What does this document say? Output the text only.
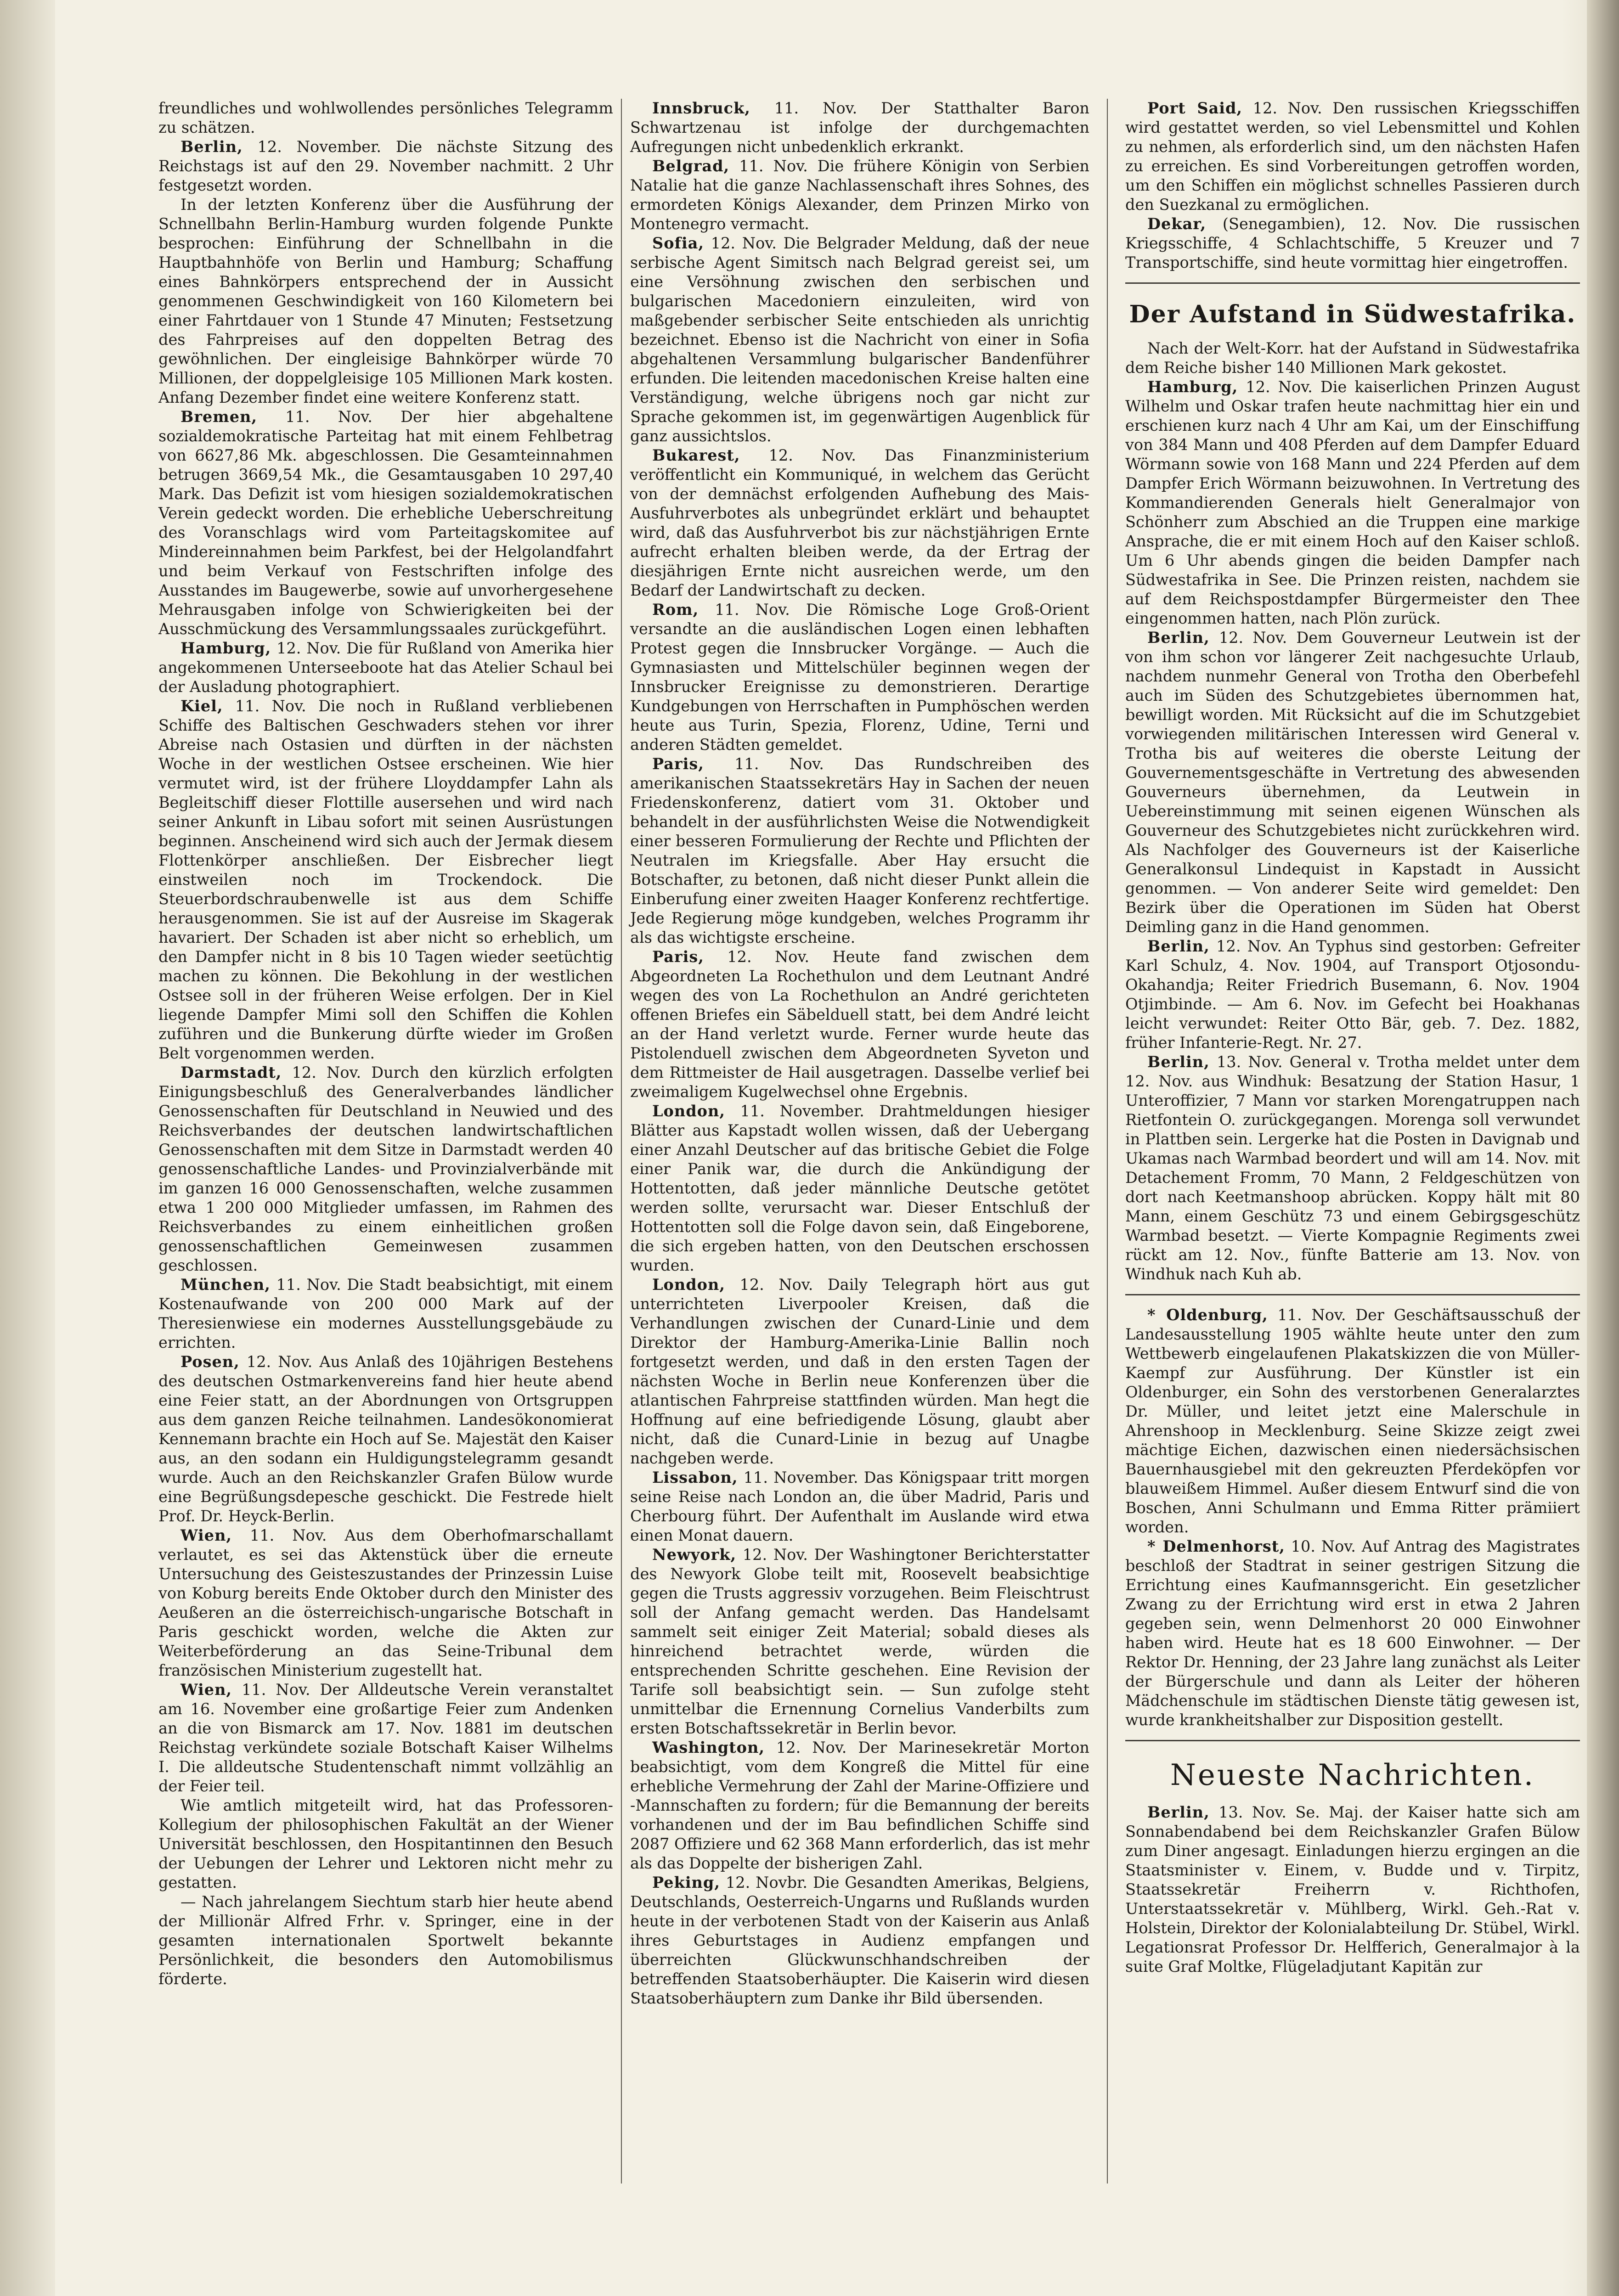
freundliches und wohlwollendes persönliches Telegramm zu schätzen.

Berlin, 12. November. Die nächste Sitzung des Reichstags ist auf den 29. November nachmitt. 2 Uhr festgesetzt worden.

In der letzten Konferenz über die Ausführung der Schnellbahn Berlin-Hamburg wurden folgende Punkte besprochen: Einführung der Schnellbahn in die Hauptbahnhöfe von Berlin und Hamburg; Schaffung eines Bahnkörpers entsprechend der in Aussicht genommenen Geschwindigkeit von 160 Kilometern bei einer Fahrtdauer von 1 Stunde 47 Minuten; Festsetzung des Fahrpreises auf den doppelten Betrag des gewöhnlichen. Der eingleisige Bahnkörper würde 70 Millionen, der doppelgleisige 105 Millionen Mark kosten. Anfang Dezember findet eine weitere Konferenz statt.

Bremen, 11. Nov. Der hier abgehaltene sozialdemokratische Parteitag hat mit einem Fehlbetrag von 6627,86 Mk. abgeschlossen. Die Gesamteinnahmen betrugen 3669,54 Mk., die Gesamtausgaben 10 297,40 Mark. Das Defizit ist vom hiesigen sozialdemokratischen Verein gedeckt worden. Die erhebliche Ueberschreitung des Voranschlags wird vom Parteitagskomitee auf Mindereinnahmen beim Parkfest, bei der Helgolandfahrt und beim Verkauf von Festschriften infolge des Ausstandes im Baugewerbe, sowie auf unvorhergesehene Mehrausgaben infolge von Schwierigkeiten bei der Ausschmückung des Versammlungssaales zurückgeführt.

Hamburg, 12. Nov. Die für Rußland von Amerika hier angekommenen Unterseeboote hat das Atelier Schaul bei der Ausladung photographiert.

Kiel, 11. Nov. Die noch in Rußland verbliebenen Schiffe des Baltischen Geschwaders stehen vor ihrer Abreise nach Ostasien und dürften in der nächsten Woche in der westlichen Ostsee erscheinen. Wie hier vermutet wird, ist der frühere Lloyddampfer Lahn als Begleitschiff dieser Flottille ausersehen und wird nach seiner Ankunft in Libau sofort mit seinen Ausrüstungen beginnen. Anscheinend wird sich auch der Jermak diesem Flottenkörper anschließen. Der Eisbrecher liegt einstweilen noch im Trockendock. Die Steuerbordschraubenwelle ist aus dem Schiffe herausgenommen. Sie ist auf der Ausreise im Skagerak havariert. Der Schaden ist aber nicht so erheblich, um den Dampfer nicht in 8 bis 10 Tagen wieder seetüchtig machen zu können. Die Bekohlung in der westlichen Ostsee soll in der früheren Weise erfolgen. Der in Kiel liegende Dampfer Mimi soll den Schiffen die Kohlen zuführen und die Bunkerung dürfte wieder im Großen Belt vorgenommen werden.

Darmstadt, 12. Nov. Durch den kürzlich erfolgten Einigungsbeschluß des Generalverbandes ländlicher Genossenschaften für Deutschland in Neuwied und des Reichsverbandes der deutschen landwirtschaftlichen Genossenschaften mit dem Sitze in Darmstadt werden 40 genossenschaftliche Landes- und Provinzialverbände mit im ganzen 16 000 Genossenschaften, welche zusammen etwa 1 200 000 Mitglieder umfassen, im Rahmen des Reichsverbandes zu einem einheitlichen großen genossenschaftlichen Gemeinwesen zusammen geschlossen.

München, 11. Nov. Die Stadt beabsichtigt, mit einem Kostenaufwande von 200 000 Mark auf der Theresienwiese ein modernes Ausstellungsgebäude zu errichten.

Posen, 12. Nov. Aus Anlaß des 10jährigen Bestehens des deutschen Ostmarkenvereins fand hier heute abend eine Feier statt, an der Abordnungen von Ortsgruppen aus dem ganzen Reiche teilnahmen. Landesökonomierat Kennemann brachte ein Hoch auf Se. Majestät den Kaiser aus, an den sodann ein Huldigungstelegramm gesandt wurde. Auch an den Reichskanzler Grafen Bülow wurde eine Begrüßungsdepesche geschickt. Die Festrede hielt Prof. Dr. Heyck-Berlin.

Wien, 11. Nov. Aus dem Oberhofmarschallamt verlautet, es sei das Aktenstück über die erneute Untersuchung des Geisteszustandes der Prinzessin Luise von Koburg bereits Ende Oktober durch den Minister des Aeußeren an die österreichisch-ungarische Botschaft in Paris geschickt worden, welche die Akten zur Weiterbeförderung an das Seine-Tribunal dem französischen Ministerium zugestellt hat.

Wien, 11. Nov. Der Alldeutsche Verein veranstaltet am 16. November eine großartige Feier zum Andenken an die von Bismarck am 17. Nov. 1881 im deutschen Reichstag verkündete soziale Botschaft Kaiser Wilhelms I. Die alldeutsche Studentenschaft nimmt vollzählig an der Feier teil.

Wie amtlich mitgeteilt wird, hat das Professoren-Kollegium der philosophischen Fakultät an der Wiener Universität beschlossen, den Hospitantinnen den Besuch der Uebungen der Lehrer und Lektoren nicht mehr zu gestatten.

— Nach jahrelangem Siechtum starb hier heute abend der Millionär Alfred Frhr. v. Springer, eine in der gesamten internationalen Sportwelt bekannte Persönlichkeit, die besonders den Automobilismus förderte.

Innsbruck, 11. Nov. Der Statthalter Baron Schwartzenau ist infolge der durchgemachten Aufregungen nicht unbedenklich erkrankt.

Belgrad, 11. Nov. Die frühere Königin von Serbien Natalie hat die ganze Nachlassenschaft ihres Sohnes, des ermordeten Königs Alexander, dem Prinzen Mirko von Montenegro vermacht.

Sofia, 12. Nov. Die Belgrader Meldung, daß der neue serbische Agent Simitsch nach Belgrad gereist sei, um eine Versöhnung zwischen den serbischen und bulgarischen Macedoniern einzuleiten, wird von maßgebender serbischer Seite entschieden als unrichtig bezeichnet. Ebenso ist die Nachricht von einer in Sofia abgehaltenen Versammlung bulgarischer Bandenführer erfunden. Die leitenden macedonischen Kreise halten eine Verständigung, welche übrigens noch gar nicht zur Sprache gekommen ist, im gegenwärtigen Augenblick für ganz aussichtslos.

Bukarest, 12. Nov. Das Finanzministerium veröffentlicht ein Kommuniqué, in welchem das Gerücht von der demnächst erfolgenden Aufhebung des Mais-Ausfuhrverbotes als unbegründet erklärt und behauptet wird, daß das Ausfuhrverbot bis zur nächstjährigen Ernte aufrecht erhalten bleiben werde, da der Ertrag der diesjährigen Ernte nicht ausreichen werde, um den Bedarf der Landwirtschaft zu decken.

Rom, 11. Nov. Die Römische Loge Groß-Orient versandte an die ausländischen Logen einen lebhaften Protest gegen die Innsbrucker Vorgänge. — Auch die Gymnasiasten und Mittelschüler beginnen wegen der Innsbrucker Ereignisse zu demonstrieren. Derartige Kundgebungen von Herrschaften in Pumphöschen werden heute aus Turin, Spezia, Florenz, Udine, Terni und anderen Städten gemeldet.

Paris, 11. Nov. Das Rundschreiben des amerikanischen Staatssekretärs Hay in Sachen der neuen Friedenskonferenz, datiert vom 31. Oktober und behandelt in der ausführlichsten Weise die Notwendigkeit einer besseren Formulierung der Rechte und Pflichten der Neutralen im Kriegsfalle. Aber Hay ersucht die Botschafter, zu betonen, daß nicht dieser Punkt allein die Einberufung einer zweiten Haager Konferenz rechtfertige. Jede Regierung möge kundgeben, welches Programm ihr als das wichtigste erscheine.

Paris, 12. Nov. Heute fand zwischen dem Abgeordneten La Rochethulon und dem Leutnant André wegen des von La Rochethulon an André gerichteten offenen Briefes ein Säbelduell statt, bei dem André leicht an der Hand verletzt wurde. Ferner wurde heute das Pistolenduell zwischen dem Abgeordneten Syveton und dem Rittmeister de Hail ausgetragen. Dasselbe verlief bei zweimaligem Kugelwechsel ohne Ergebnis.

London, 11. November. Drahtmeldungen hiesiger Blätter aus Kapstadt wollen wissen, daß der Uebergang einer Anzahl Deutscher auf das britische Gebiet die Folge einer Panik war, die durch die Ankündigung der Hottentotten, daß jeder männliche Deutsche getötet werden sollte, verursacht war. Dieser Entschluß der Hottentotten soll die Folge davon sein, daß Eingeborene, die sich ergeben hatten, von den Deutschen erschossen wurden.

London, 12. Nov. Daily Telegraph hört aus gut unterrichteten Liverpooler Kreisen, daß die Verhandlungen zwischen der Cunard-Linie und dem Direktor der Hamburg-Amerika-Linie Ballin noch fortgesetzt werden, und daß in den ersten Tagen der nächsten Woche in Berlin neue Konferenzen über die atlantischen Fahrpreise stattfinden würden. Man hegt die Hoffnung auf eine befriedigende Lösung, glaubt aber nicht, daß die Cunard-Linie in bezug auf Unagbe nachgeben werde.

Lissabon, 11. November. Das Königspaar tritt morgen seine Reise nach London an, die über Madrid, Paris und Cherbourg führt. Der Aufenthalt im Auslande wird etwa einen Monat dauern.

Newyork, 12. Nov. Der Washingtoner Berichterstatter des Newyork Globe teilt mit, Roosevelt beabsichtige gegen die Trusts aggressiv vorzugehen. Beim Fleischtrust soll der Anfang gemacht werden. Das Handelsamt sammelt seit einiger Zeit Material; sobald dieses als hinreichend betrachtet werde, würden die entsprechenden Schritte geschehen. Eine Revision der Tarife soll beabsichtigt sein. — Sun zufolge steht unmittelbar die Ernennung Cornelius Vanderbilts zum ersten Botschaftssekretär in Berlin bevor.

Washington, 12. Nov. Der Marinesekretär Morton beabsichtigt, vom dem Kongreß die Mittel für eine erhebliche Vermehrung der Zahl der Marine-Offiziere und -Mannschaften zu fordern; für die Bemannung der bereits vorhandenen und der im Bau befindlichen Schiffe sind 2087 Offiziere und 62 368 Mann erforderlich, das ist mehr als das Doppelte der bisherigen Zahl.

Peking, 12. Novbr. Die Gesandten Amerikas, Belgiens, Deutschlands, Oesterreich-Ungarns und Rußlands wurden heute in der verbotenen Stadt von der Kaiserin aus Anlaß ihres Geburtstages in Audienz empfangen und überreichten Glückwunschhandschreiben der betreffenden Staatsoberhäupter. Die Kaiserin wird diesen Staatsoberhäuptern zum Danke ihr Bild übersenden.

Port Said, 12. Nov. Den russischen Kriegsschiffen wird gestattet werden, so viel Lebensmittel und Kohlen zu nehmen, als erforderlich sind, um den nächsten Hafen zu erreichen. Es sind Vorbereitungen getroffen worden, um den Schiffen ein möglichst schnelles Passieren durch den Suezkanal zu ermöglichen.

Dekar, (Senegambien), 12. Nov. Die russischen Kriegsschiffe, 4 Schlachtschiffe, 5 Kreuzer und 7 Transportschiffe, sind heute vormittag hier eingetroffen.

Der Aufstand in Südwestafrika.

Nach der Welt-Korr. hat der Aufstand in Südwestafrika dem Reiche bisher 140 Millionen Mark gekostet.

Hamburg, 12. Nov. Die kaiserlichen Prinzen August Wilhelm und Oskar trafen heute nachmittag hier ein und erschienen kurz nach 4 Uhr am Kai, um der Einschiffung von 384 Mann und 408 Pferden auf dem Dampfer Eduard Wörmann sowie von 168 Mann und 224 Pferden auf dem Dampfer Erich Wörmann beizuwohnen. In Vertretung des Kommandierenden Generals hielt Generalmajor von Schönherr zum Abschied an die Truppen eine markige Ansprache, die er mit einem Hoch auf den Kaiser schloß. Um 6 Uhr abends gingen die beiden Dampfer nach Südwestafrika in See. Die Prinzen reisten, nachdem sie auf dem Reichspostdampfer Bürgermeister den Thee eingenommen hatten, nach Plön zurück.

Berlin, 12. Nov. Dem Gouverneur Leutwein ist der von ihm schon vor längerer Zeit nachgesuchte Urlaub, nachdem nunmehr General von Trotha den Oberbefehl auch im Süden des Schutzgebietes übernommen hat, bewilligt worden. Mit Rücksicht auf die im Schutzgebiet vorwiegenden militärischen Interessen wird General v. Trotha bis auf weiteres die oberste Leitung der Gouvernementsgeschäfte in Vertretung des abwesenden Gouverneurs übernehmen, da Leutwein in Uebereinstimmung mit seinen eigenen Wünschen als Gouverneur des Schutzgebietes nicht zurückkehren wird. Als Nachfolger des Gouverneurs ist der Kaiserliche Generalkonsul Lindequist in Kapstadt in Aussicht genommen. — Von anderer Seite wird gemeldet: Den Bezirk über die Operationen im Süden hat Oberst Deimling ganz in die Hand genommen.

Berlin, 12. Nov. An Typhus sind gestorben: Gefreiter Karl Schulz, 4. Nov. 1904, auf Transport Otjosondu-Okahandja; Reiter Friedrich Busemann, 6. Nov. 1904 Otjimbinde. — Am 6. Nov. im Gefecht bei Hoakhanas leicht verwundet: Reiter Otto Bär, geb. 7. Dez. 1882, früher Infanterie-Regt. Nr. 27.

Berlin, 13. Nov. General v. Trotha meldet unter dem 12. Nov. aus Windhuk: Besatzung der Station Hasur, 1 Unteroffizier, 7 Mann vor starken Morengatruppen nach Rietfontein O. zurückgegangen. Morenga soll verwundet in Plattben sein. Lergerke hat die Posten in Davignab und Ukamas nach Warmbad beordert und will am 14. Nov. mit Detachement Fromm, 70 Mann, 2 Feldgeschützen von dort nach Keetmanshoop abrücken. Koppy hält mit 80 Mann, einem Geschütz 73 und einem Gebirgsgeschütz Warmbad besetzt. — Vierte Kompagnie Regiments zwei rückt am 12. Nov., fünfte Batterie am 13. Nov. von Windhuk nach Kuh ab.

* Oldenburg, 11. Nov. Der Geschäftsausschuß der Landesausstellung 1905 wählte heute unter den zum Wettbewerb eingelaufenen Plakatskizzen die von Müller-Kaempf zur Ausführung. Der Künstler ist ein Oldenburger, ein Sohn des verstorbenen Generalarztes Dr. Müller, und leitet jetzt eine Malerschule in Ahrenshoop in Mecklenburg. Seine Skizze zeigt zwei mächtige Eichen, dazwischen einen niedersächsischen Bauernhausgiebel mit den gekreuzten Pferdeköpfen vor blauweißem Himmel. Außer diesem Entwurf sind die von Boschen, Anni Schulmann und Emma Ritter prämiiert worden.

* Delmenhorst, 10. Nov. Auf Antrag des Magistrates beschloß der Stadtrat in seiner gestrigen Sitzung die Errichtung eines Kaufmannsgericht. Ein gesetzlicher Zwang zu der Errichtung wird erst in etwa 2 Jahren gegeben sein, wenn Delmenhorst 20 000 Einwohner haben wird. Heute hat es 18 600 Einwohner. — Der Rektor Dr. Henning, der 23 Jahre lang zunächst als Leiter der Bürgerschule und dann als Leiter der höheren Mädchenschule im städtischen Dienste tätig gewesen ist, wurde krankheitshalber zur Disposition gestellt.

Neueste Nachrichten.

Berlin, 13. Nov. Se. Maj. der Kaiser hatte sich am Sonnabendabend bei dem Reichskanzler Grafen Bülow zum Diner angesagt. Einladungen hierzu ergingen an die Staatsminister v. Einem, v. Budde und v. Tirpitz, Staatssekretär Freiherrn v. Richthofen, Unterstaatssekretär v. Mühlberg, Wirkl. Geh.-Rat v. Holstein, Direktor der Kolonialabteilung Dr. Stübel, Wirkl. Legationsrat Professor Dr. Helfferich, Generalmajor à la suite Graf Moltke, Flügeladjutant Kapitän zur
